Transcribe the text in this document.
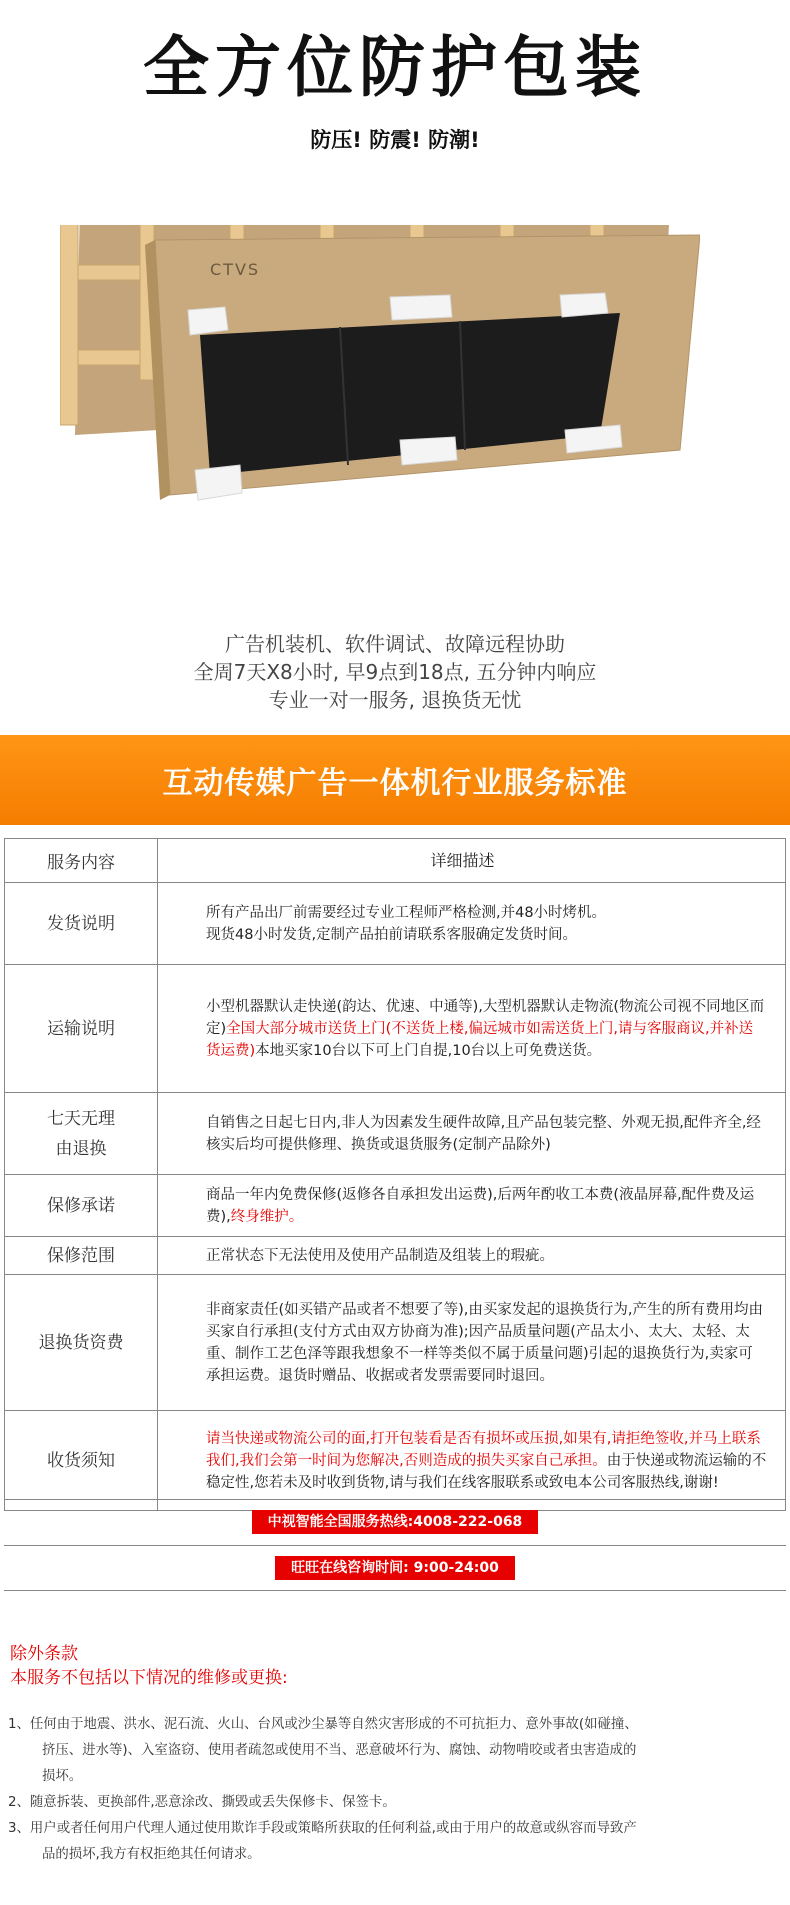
全方位防护包装
防压! 防震! 防潮!
CTVS
广告机装机、软件调试、故障远程协助
全周7天X8小时, 早9点到18点, 五分钟内响应
专业一对一服务, 退换货无忧
互动传媒广告一体机行业服务标准
服务内容	详细描述
发货说明	所有产品出厂前需要经过专业工程师严格检测,并48小时烤机。
现货48小时发货,定制产品拍前请联系客服确定发货时间。
运输说明	小型机器默认走快递(韵达、优速、中通等),大型机器默认走物流(物流公司视不同地区而定)全国大部分城市送货上门(不送货上楼,偏远城市如需送货上门,请与客服商议,并补送货运费)本地买家10台以下可上门自提,10台以上可免费送货。
七天无理
由退换	自销售之日起七日内,非人为因素发生硬件故障,且产品包装完整、外观无损,配件齐全,经核实后均可提供修理、换货或退货服务(定制产品除外)
保修承诺	商品一年内免费保修(返修各自承担发出运费),后两年酌收工本费(液晶屏幕,配件费及运费),终身维护。
保修范围	正常状态下无法使用及使用产品制造及组装上的瑕疵。
退换货资费	非商家责任(如买错产品或者不想要了等),由买家发起的退换货行为,产生的所有费用均由买家自行承担(支付方式由双方协商为准);因产品质量问题(产品太小、太大、太轻、太重、制作工艺色泽等跟我想象不一样等类似不属于质量问题)引起的退换货行为,卖家可承担运费。退货时赠品、收据或者发票需要同时退回。
收货须知	请当快递或物流公司的面,打开包装看是否有损坏或压损,如果有,请拒绝签收,并马上联系我们,我们会第一时间为您解决,否则造成的损失买家自己承担。由于快递或物流运输的不稳定性,您若未及时收到货物,请与我们在线客服联系或致电本公司客服热线,谢谢!
中视智能全国服务热线:4008-222-068
旺旺在线咨询时间: 9:00-24:00
除外条款
本服务不包括以下情况的维修或更换:
1、任何由于地震、洪水、泥石流、火山、台风或沙尘暴等自然灾害形成的不可抗拒力、意外事故(如碰撞、挤压、进水等)、入室盗窃、使用者疏忽或使用不当、恶意破坏行为、腐蚀、动物啃咬或者虫害造成的损坏。
2、随意拆装、更换部件,恶意涂改、撕毁或丢失保修卡、保签卡。
3、用户或者任何用户代理人通过使用欺诈手段或策略所获取的任何利益,或由于用户的故意或纵容而导致产品的损坏,我方有权拒绝其任何请求。
